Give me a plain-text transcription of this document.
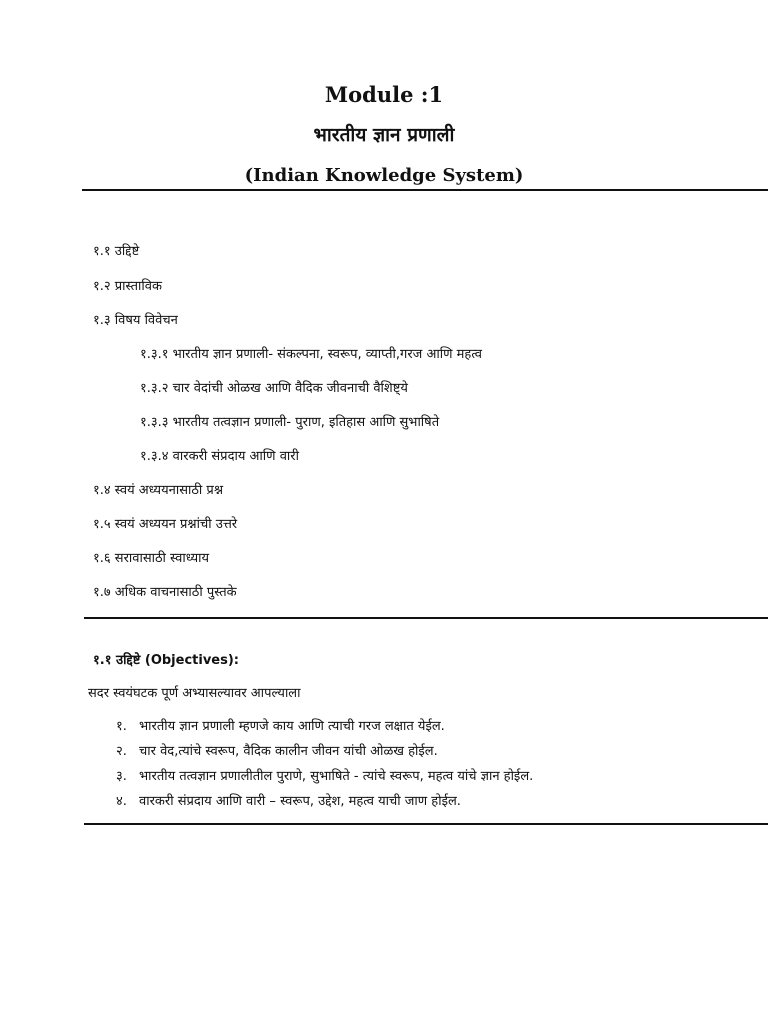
Module :1
भारतीय ज्ञान प्रणाली
(Indian Knowledge System)
१.१ उद्दिष्टे
१.२ प्रास्ताविक
१.३ विषय विवेचन
१.३.१ भारतीय ज्ञान प्रणाली- संकल्पना, स्वरूप, व्याप्ती,गरज आणि महत्व
१.३.२ चार वेदांची ओळख आणि वैदिक जीवनाची वैशिष्ट्ये
१.३.३ भारतीय तत्वज्ञान प्रणाली- पुराण, इतिहास आणि सुभाषिते
१.३.४ वारकरी संप्रदाय आणि वारी
१.४ स्वयं अध्ययनासाठी प्रश्न
१.५ स्वयं अध्ययन प्रश्नांची उत्तरे
१.६ सरावासाठी स्वाध्याय
१.७ अधिक वाचनासाठी पुस्तके
१.१ उद्दिष्टे (Objectives):
सदर स्वयंघटक पूर्ण अभ्यासल्यावर आपल्याला
१. भारतीय ज्ञान प्रणाली म्हणजे काय आणि त्याची गरज लक्षात येईल.
२. चार वेद,त्यांचे स्वरूप, वैदिक कालीन जीवन यांची ओळख होईल.
३. भारतीय तत्वज्ञान प्रणालीतील पुराणे, सुभाषिते - त्यांचे स्वरूप, महत्व यांचे ज्ञान होईल.
४. वारकरी संप्रदाय आणि वारी – स्वरूप, उद्देश, महत्व याची जाण होईल.
